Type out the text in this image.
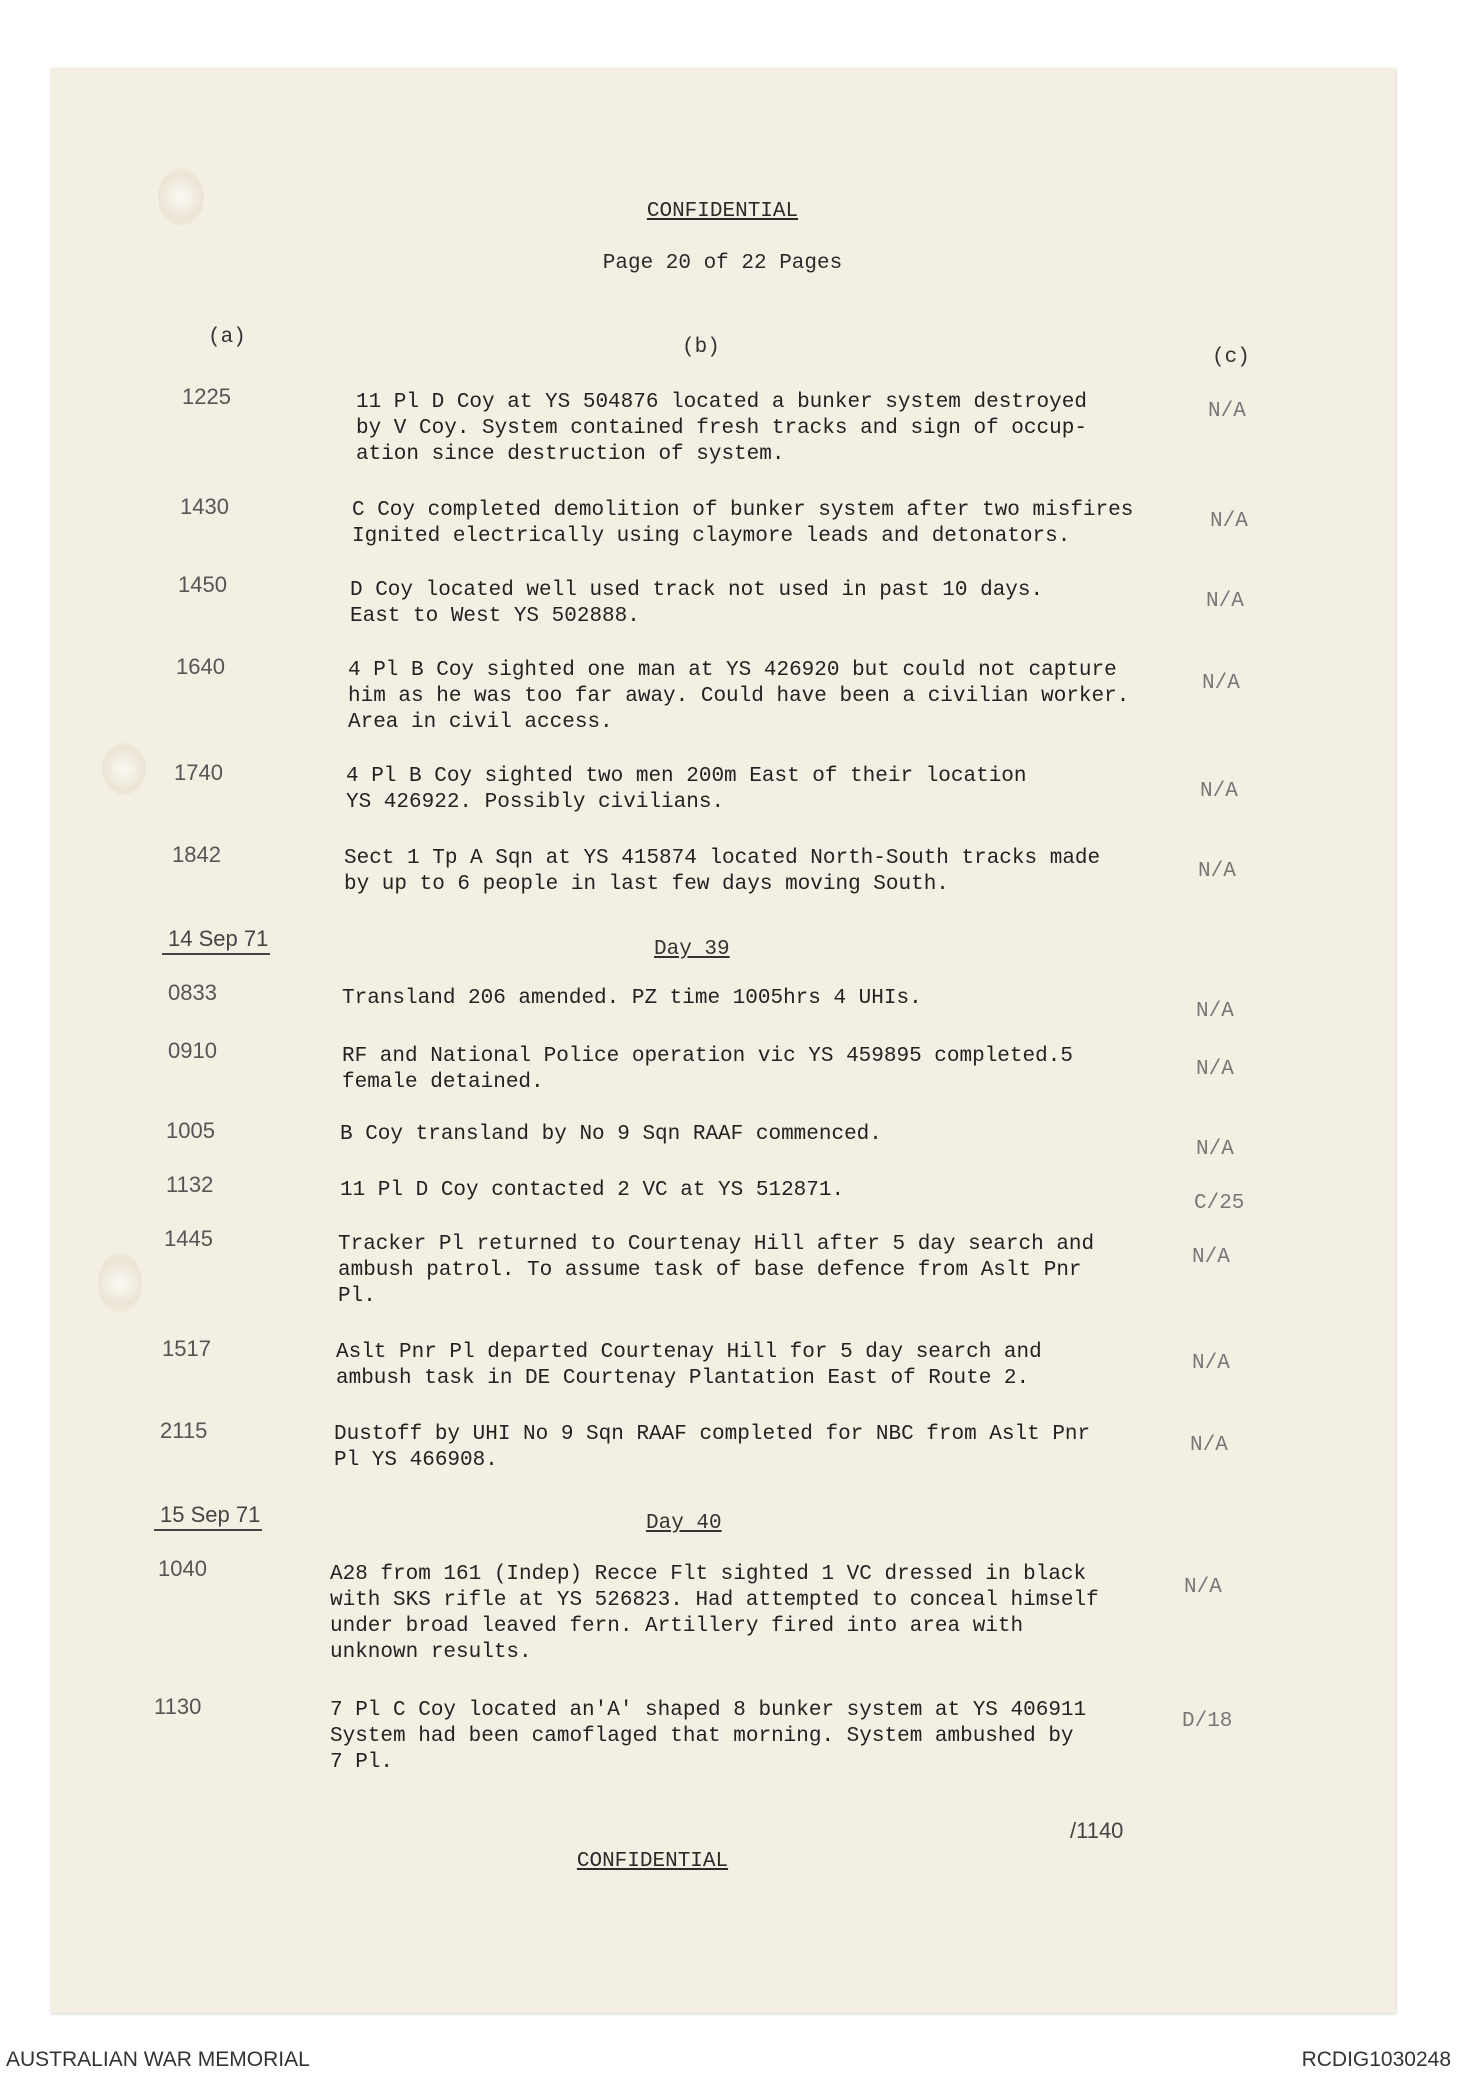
CONFIDENTIAL
Page 20 of 22 Pages
(a)	(b)	(c)
1225	11 Pl D Coy at YS 504876 located a bunker system destroyed
by V Coy. System contained fresh tracks and sign of occup-
ation since destruction of system.
N/A
1430	C Coy completed demolition of bunker system after two misfires
Ignited electrically using claymore leads and detonators.
N/A
1450	D Coy located well used track not used in past 10 days.
East to West YS 502888.
N/A
1640	4 Pl B Coy sighted one man at YS 426920 but could not capture
him as he was too far away. Could have been a civilian worker.
Area in civil access.
N/A
1740	4 Pl B Coy sighted two men 200m East of their location
YS 426922. Possibly civilians.	N/A
1842	Sect 1 Tp A Sqn at YS 415874 located North-South tracks made
by up to 6 people in last few days moving South.
N/A
14 Sep 71	Day 39
0833	Transland 206 amended. PZ time 1005hrs 4 UHIs.
N/A
0910	RF and National Police operation vic YS 459895 completed.5
female detained.
N/A
1005	B Coy transland by No 9 Sqn RAAF commenced.
N/A
1132	11 Pl D Coy contacted 2 VC at YS 512871.
C/25
1445	Tracker Pl returned to Courtenay Hill after 5 day search and
ambush patrol. To assume task of base defence from Aslt Pnr
Pl.
N/A
1517	Aslt Pnr Pl departed Courtenay Hill for 5 day search and
ambush task in DE Courtenay Plantation East of Route 2.
N/A
2115	Dustoff by UHI No 9 Sqn RAAF completed for NBC from Aslt Pnr
Pl YS 466908.
N/A
15 Sep 71	Day 40
1040	A28 from 161 (Indep) Recce Flt sighted 1 VC dressed in black
with SKS rifle at YS 526823. Had attempted to conceal himself
under broad leaved fern. Artillery fired into area with
unknown results.
N/A
1130	7 Pl C Coy located an'A' shaped 8 bunker system at YS 406911
System had been camoflaged that morning. System ambushed by
7 Pl.
D/18
/1140
CONFIDENTIAL
AUSTRALIAN WAR MEMORIAL	RCDIG1030248
